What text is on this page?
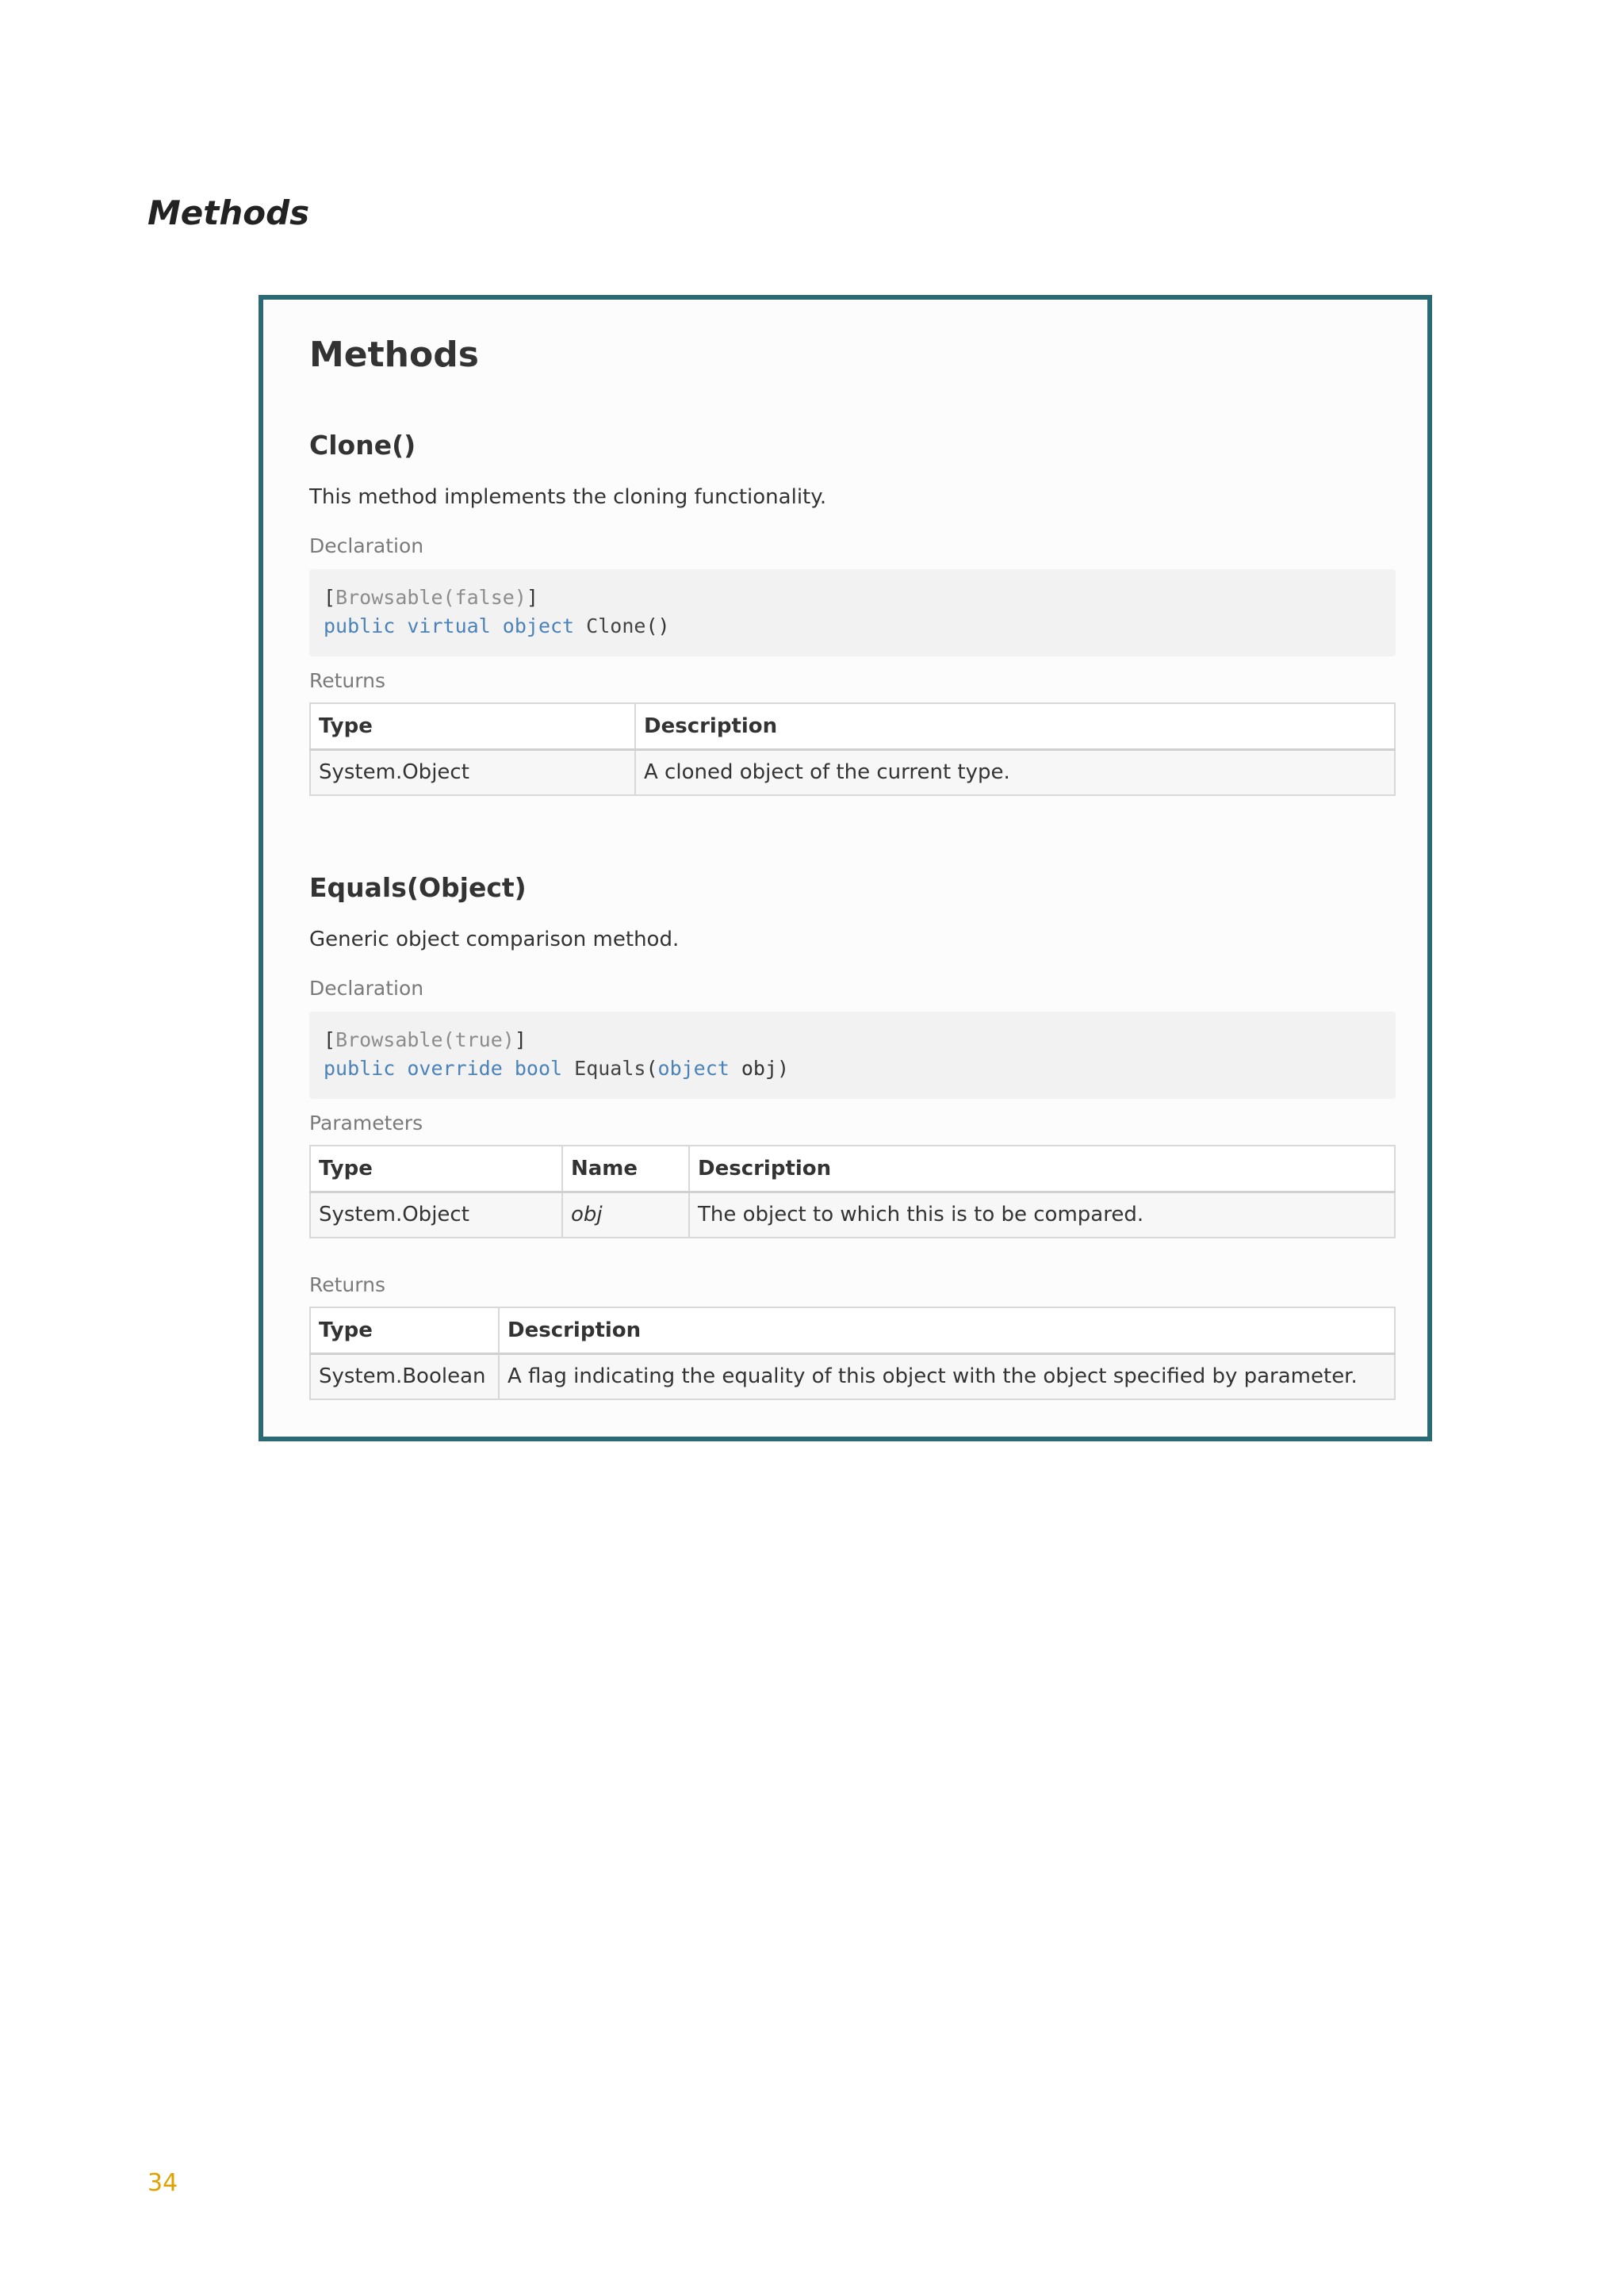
Methods
Methods
Clone()

This method implements the cloning functionality.

Declaration

[Browsable(false)]
public virtual object Clone()

Returns

Type	Description
System.Object	A cloned object of the current type.
Equals(Object)

Generic object comparison method.

Declaration

[Browsable(true)]
public override bool Equals(object obj)

Parameters

Type	Name	Description
System.Object	obj	The object to which this is to be compared.

Returns

Type	Description
System.Boolean	A flag indicating the equality of this object with the object specified by parameter.

34
